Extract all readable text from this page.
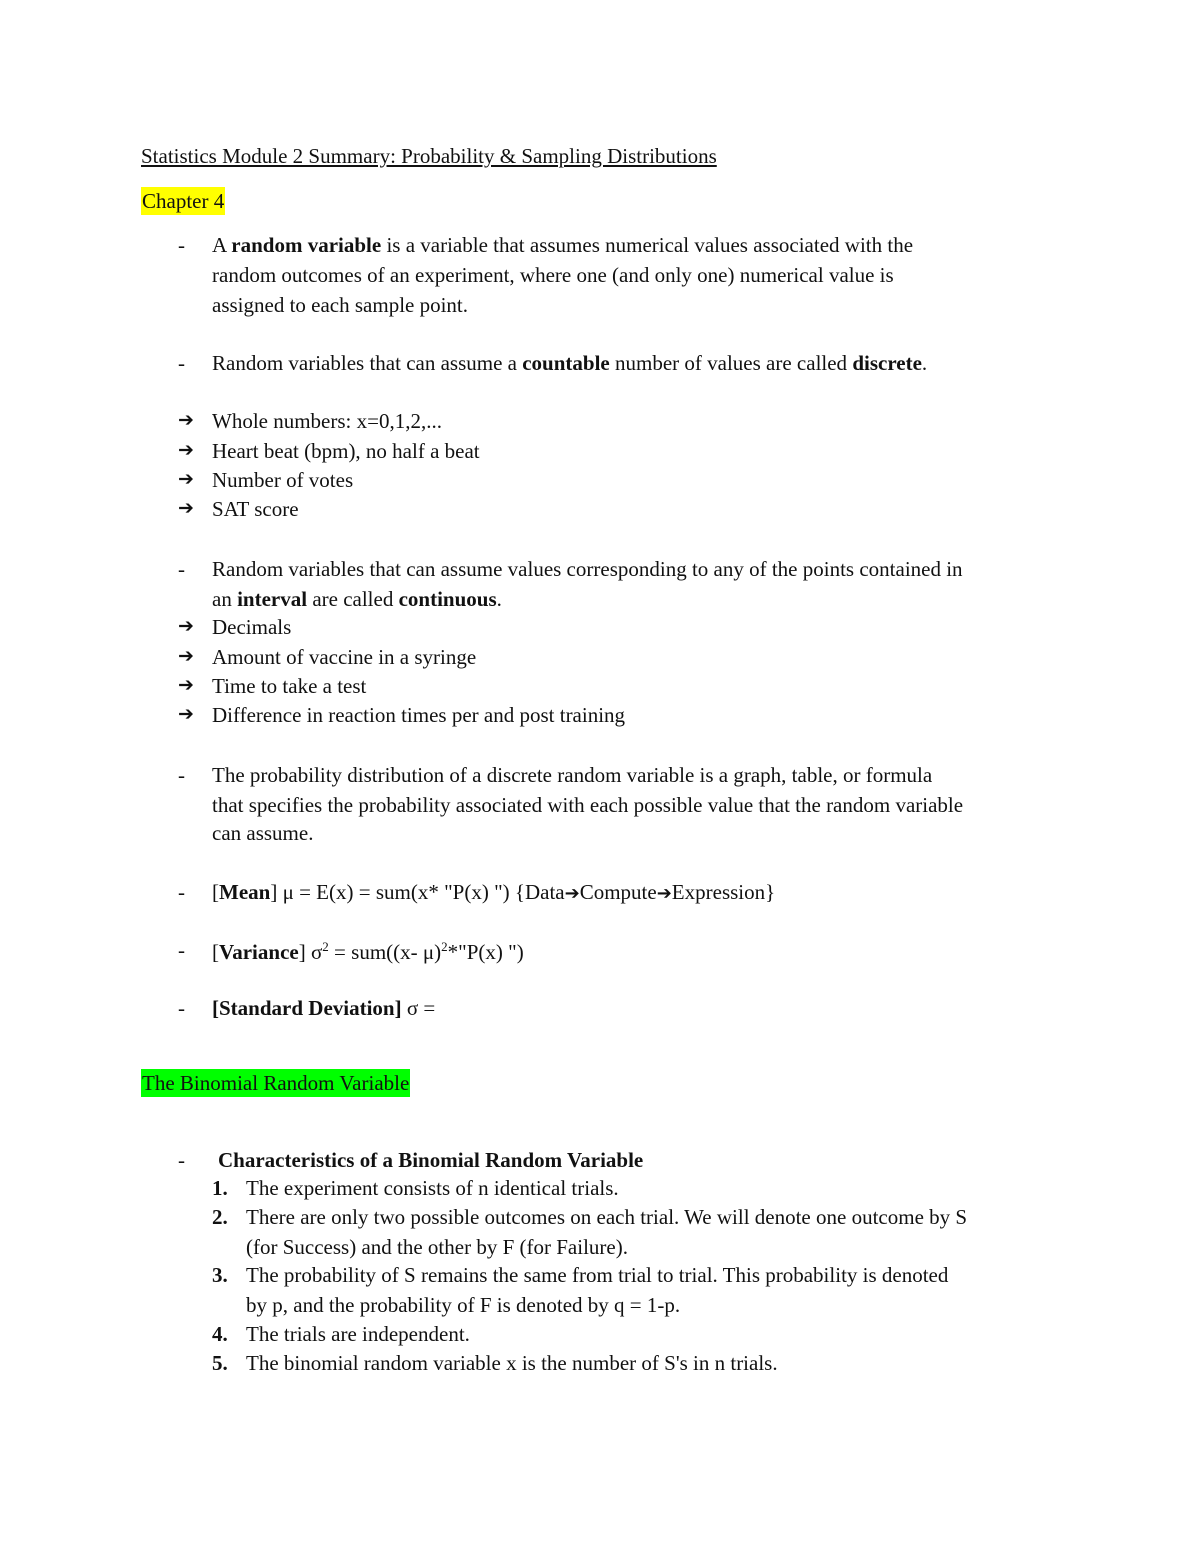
Statistics Module 2 Summary: Probability & Sampling Distributions
Chapter 4
- A random variable is a variable that assumes numerical values associated with the
random outcomes of an experiment, where one (and only one) numerical value is
assigned to each sample point.
- Random variables that can assume a countable number of values are called discrete.
➔ Whole numbers: x=0,1,2,...
➔ Heart beat (bpm), no half a beat
➔ Number of votes
➔ SAT score
- Random variables that can assume values corresponding to any of the points contained in
an interval are called continuous.
➔ Decimals
➔ Amount of vaccine in a syringe
➔ Time to take a test
➔ Difference in reaction times per and post training
- The probability distribution of a discrete random variable is a graph, table, or formula
that specifies the probability associated with each possible value that the random variable
can assume.
- [Mean] μ = E(x) = sum(x* "P(x) ") {Data➔Compute➔Expression}
- [Variance] $\sigma^2 = sum((x-$ μ)$^2$*"P(x) ")
- [Standard Deviation] σ =
The Binomial Random Variable
- Characteristics of a Binomial Random Variable
1. The experiment consists of n identical trials.
2. There are only two possible outcomes on each trial. We will denote one outcome by S
(for Success) and the other by F (for Failure).
3. The probability of S remains the same from trial to trial. This probability is denoted
by p, and the probability of F is denoted by q = 1-p.
4. The trials are independent.
5. The binomial random variable x is the number of S's in n trials.
